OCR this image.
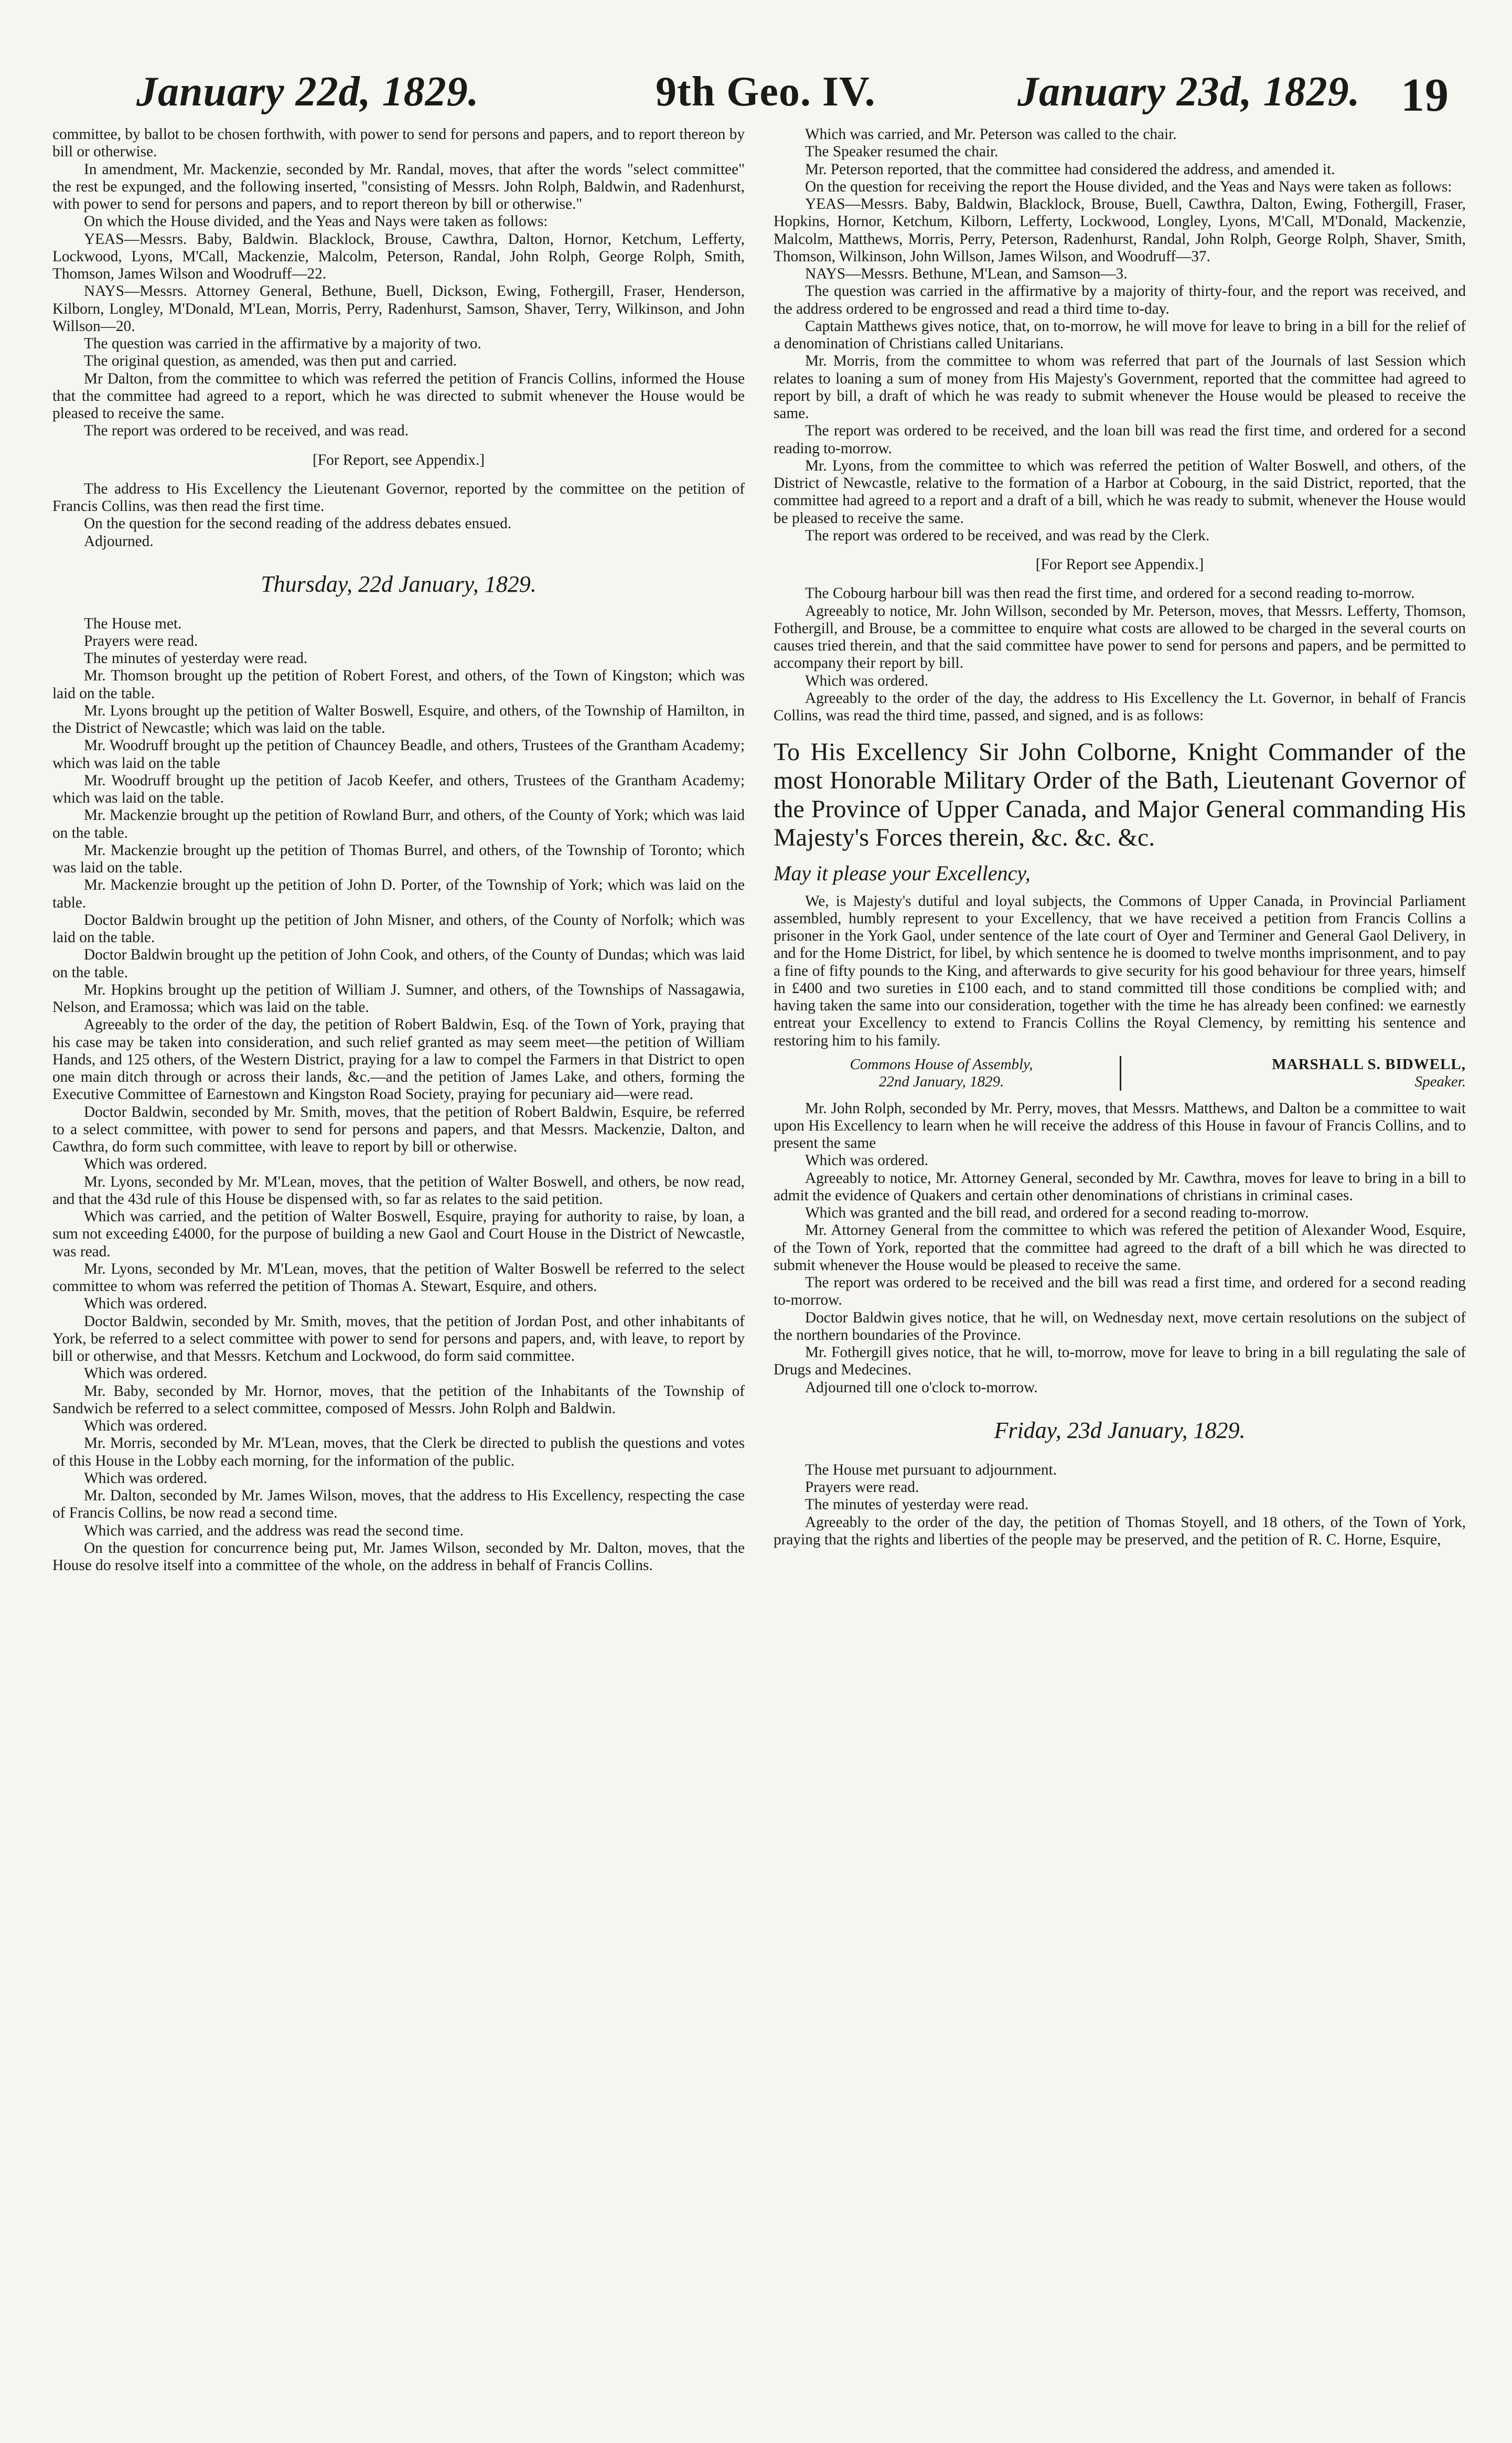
January 22d, 1829.	9th Geo. IV.	January 23d, 1829. 19

committee, by ballot to be chosen forthwith, with power to send for persons and papers, and to report thereon by bill or otherwise.

In amendment, Mr. Mackenzie, seconded by Mr. Randal, moves, that after the words "select committee" the rest be expunged, and the following inserted, "consisting of Messrs. John Rolph, Baldwin, and Radenhurst, with power to send for persons and papers, and to report thereon by bill or otherwise."

On which the House divided, and the Yeas and Nays were taken as follows:

YEAS—Messrs. Baby, Baldwin. Blacklock, Brouse, Cawthra, Dalton, Hornor, Ketchum, Lefferty, Lockwood, Lyons, M'Call, Mackenzie, Malcolm, Peterson, Randal, John Rolph, George Rolph, Smith, Thomson, James Wilson and Woodruff—22.

NAYS—Messrs. Attorney General, Bethune, Buell, Dickson, Ewing, Fothergill, Fraser, Henderson, Kilborn, Longley, M'Donald, M'Lean, Morris, Perry, Radenhurst, Samson, Shaver, Terry, Wilkinson, and John Willson—20.

The question was carried in the affirmative by a majority of two.

The original question, as amended, was then put and carried.

Mr Dalton, from the committee to which was referred the petition of Francis Collins, informed the House that the committee had agreed to a report, which he was directed to submit whenever the House would be pleased to receive the same.

The report was ordered to be received, and was read.

[For Report, see Appendix.]

The address to His Excellency the Lieutenant Governor, reported by the committee on the petition of Francis Collins, was then read the first time.

On the question for the second reading of the address debates ensued.

Adjourned.

Thursday, 22d January, 1829.

The House met.

Prayers were read.

The minutes of yesterday were read.

Mr. Thomson brought up the petition of Robert Forest, and others, of the Town of Kingston; which was laid on the table.

Mr. Lyons brought up the petition of Walter Boswell, Esquire, and others, of the Township of Hamilton, in the District of Newcastle; which was laid on the table.

Mr. Woodruff brought up the petition of Chauncey Beadle, and others, Trustees of the Grantham Academy; which was laid on the table

Mr. Woodruff brought up the petition of Jacob Keefer, and others, Trustees of the Grantham Academy; which was laid on the table.

Mr. Mackenzie brought up the petition of Rowland Burr, and others, of the County of York; which was laid on the table.

Mr. Mackenzie brought up the petition of Thomas Burrel, and others, of the Township of Toronto; which was laid on the table.

Mr. Mackenzie brought up the petition of John D. Porter, of the Township of York; which was laid on the table.

Doctor Baldwin brought up the petition of John Misner, and others, of the County of Norfolk; which was laid on the table.

Doctor Baldwin brought up the petition of John Cook, and others, of the County of Dundas; which was laid on the table.

Mr. Hopkins brought up the petition of William J. Sumner, and others, of the Townships of Nassagawia, Nelson, and Eramossa; which was laid on the table.

Agreeably to the order of the day, the petition of Robert Baldwin, Esq. of the Town of York, praying that his case may be taken into consideration, and such relief granted as may seem meet—the petition of William Hands, and 125 others, of the Western District, praying for a law to compel the Farmers in that District to open one main ditch through or across their lands, &c.—and the petition of James Lake, and others, forming the Executive Committee of Earnestown and Kingston Road Society, praying for pecuniary aid—were read.

Doctor Baldwin, seconded by Mr. Smith, moves, that the petition of Robert Baldwin, Esquire, be referred to a select committee, with power to send for persons and papers, and that Messrs. Mackenzie, Dalton, and Cawthra, do form such committee, with leave to report by bill or otherwise.

Which was ordered.

Mr. Lyons, seconded by Mr. M'Lean, moves, that the petition of Walter Boswell, and others, be now read, and that the 43d rule of this House be dispensed with, so far as relates to the said petition.

Which was carried, and the petition of Walter Boswell, Esquire, praying for authority to raise, by loan, a sum not exceeding £4000, for the purpose of building a new Gaol and Court House in the District of Newcastle, was read.

Mr. Lyons, seconded by Mr. M'Lean, moves, that the petition of Walter Boswell be referred to the select committee to whom was referred the petition of Thomas A. Stewart, Esquire, and others.

Which was ordered.

Doctor Baldwin, seconded by Mr. Smith, moves, that the petition of Jordan Post, and other inhabitants of York, be referred to a select committee with power to send for persons and papers, and, with leave, to report by bill or otherwise, and that Messrs. Ketchum and Lockwood, do form said committee.

Which was ordered.

Mr. Baby, seconded by Mr. Hornor, moves, that the petition of the Inhabitants of the Township of Sandwich be referred to a select committee, composed of Messrs. John Rolph and Baldwin.

Which was ordered.

Mr. Morris, seconded by Mr. M'Lean, moves, that the Clerk be directed to publish the questions and votes of this House in the Lobby each morning, for the information of the public.

Which was ordered.

Mr. Dalton, seconded by Mr. James Wilson, moves, that the address to His Excellency, respecting the case of Francis Collins, be now read a second time.

Which was carried, and the address was read the second time.

On the question for concurrence being put, Mr. James Wilson, seconded by Mr. Dalton, moves, that the House do resolve itself into a committee of the whole, on the address in behalf of Francis Collins.

Which was carried, and Mr. Peterson was called to the chair.

The Speaker resumed the chair.

Mr. Peterson reported, that the committee had considered the address, and amended it.

On the question for receiving the report the House divided, and the Yeas and Nays were taken as follows:

YEAS—Messrs. Baby, Baldwin, Blacklock, Brouse, Buell, Cawthra, Dalton, Ewing, Fothergill, Fraser, Hopkins, Hornor, Ketchum, Kilborn, Lefferty, Lockwood, Longley, Lyons, M'Call, M'Donald, Mackenzie, Malcolm, Matthews, Morris, Perry, Peterson, Radenhurst, Randal, John Rolph, George Rolph, Shaver, Smith, Thomson, Wilkinson, John Willson, James Wilson, and Woodruff—37.

NAYS—Messrs. Bethune, M'Lean, and Samson—3.

The question was carried in the affirmative by a majority of thirty-four, and the report was received, and the address ordered to be engrossed and read a third time to-day.

Captain Matthews gives notice, that, on to-morrow, he will move for leave to bring in a bill for the relief of a denomination of Christians called Unitarians.

Mr. Morris, from the committee to whom was referred that part of the Journals of last Session which relates to loaning a sum of money from His Majesty's Government, reported that the committee had agreed to report by bill, a draft of which he was ready to submit whenever the House would be pleased to receive the same.

The report was ordered to be received, and the loan bill was read the first time, and ordered for a second reading to-morrow.

Mr. Lyons, from the committee to which was referred the petition of Walter Boswell, and others, of the District of Newcastle, relative to the formation of a Harbor at Cobourg, in the said District, reported, that the committee had agreed to a report and a draft of a bill, which he was ready to submit, whenever the House would be pleased to receive the same.

The report was ordered to be received, and was read by the Clerk.

[For Report see Appendix.]

The Cobourg harbour bill was then read the first time, and ordered for a second reading to-morrow.

Agreeably to notice, Mr. John Willson, seconded by Mr. Peterson, moves, that Messrs. Lefferty, Thomson, Fothergill, and Brouse, be a committee to enquire what costs are allowed to be charged in the several courts on causes tried therein, and that the said committee have power to send for persons and papers, and be permitted to accompany their report by bill.

Which was ordered.

Agreeably to the order of the day, the address to His Excellency the Lt. Governor, in behalf of Francis Collins, was read the third time, passed, and signed, and is as follows:

To His Excellency Sir John Colborne, Knight Commander of the most Honorable Military Order of the Bath, Lieutenant Governor of the Province of Upper Canada, and Major General commanding His Majesty's Forces therein, &c. &c. &c.

May it please your Excellency,

We, is Majesty's dutiful and loyal subjects, the Commons of Upper Canada, in Provincial Parliament assembled, humbly represent to your Excellency, that we have received a petition from Francis Collins a prisoner in the York Gaol, under sentence of the late court of Oyer and Terminer and General Gaol Delivery, in and for the Home District, for libel, by which sentence he is doomed to twelve months imprisonment, and to pay a fine of fifty pounds to the King, and afterwards to give security for his good behaviour for three years, himself in £400 and two sureties in £100 each, and to stand committed till those conditions be complied with; and having taken the same into our consideration, together with the time he has already been confined: we earnestly entreat your Excellency to extend to Francis Collins the Royal Clemency, by remitting his sentence and restoring him to his family.

Commons House of Assembly,
22nd January, 1829.
MARSHALL S. BIDWELL,
Speaker.

Mr. John Rolph, seconded by Mr. Perry, moves, that Messrs. Matthews, and Dalton be a committee to wait upon His Excellency to learn when he will receive the address of this House in favour of Francis Collins, and to present the same

Which was ordered.

Agreeably to notice, Mr. Attorney General, seconded by Mr. Cawthra, moves for leave to bring in a bill to admit the evidence of Quakers and certain other denominations of christians in criminal cases.

Which was granted and the bill read, and ordered for a second reading to-morrow.

Mr. Attorney General from the committee to which was refered the petition of Alexander Wood, Esquire, of the Town of York, reported that the committee had agreed to the draft of a bill which he was directed to submit whenever the House would be pleased to receive the same.

The report was ordered to be received and the bill was read a first time, and ordered for a second reading to-morrow.

Doctor Baldwin gives notice, that he will, on Wednesday next, move certain resolutions on the subject of the northern boundaries of the Province.

Mr. Fothergill gives notice, that he will, to-morrow, move for leave to bring in a bill regulating the sale of Drugs and Medecines.

Adjourned till one o'clock to-morrow.

Friday, 23d January, 1829.

The House met pursuant to adjournment.

Prayers were read.

The minutes of yesterday were read.

Agreeably to the order of the day, the petition of Thomas Stoyell, and 18 others, of the Town of York, praying that the rights and liberties of the people may be preserved, and the petition of R. C. Horne, Esquire,
